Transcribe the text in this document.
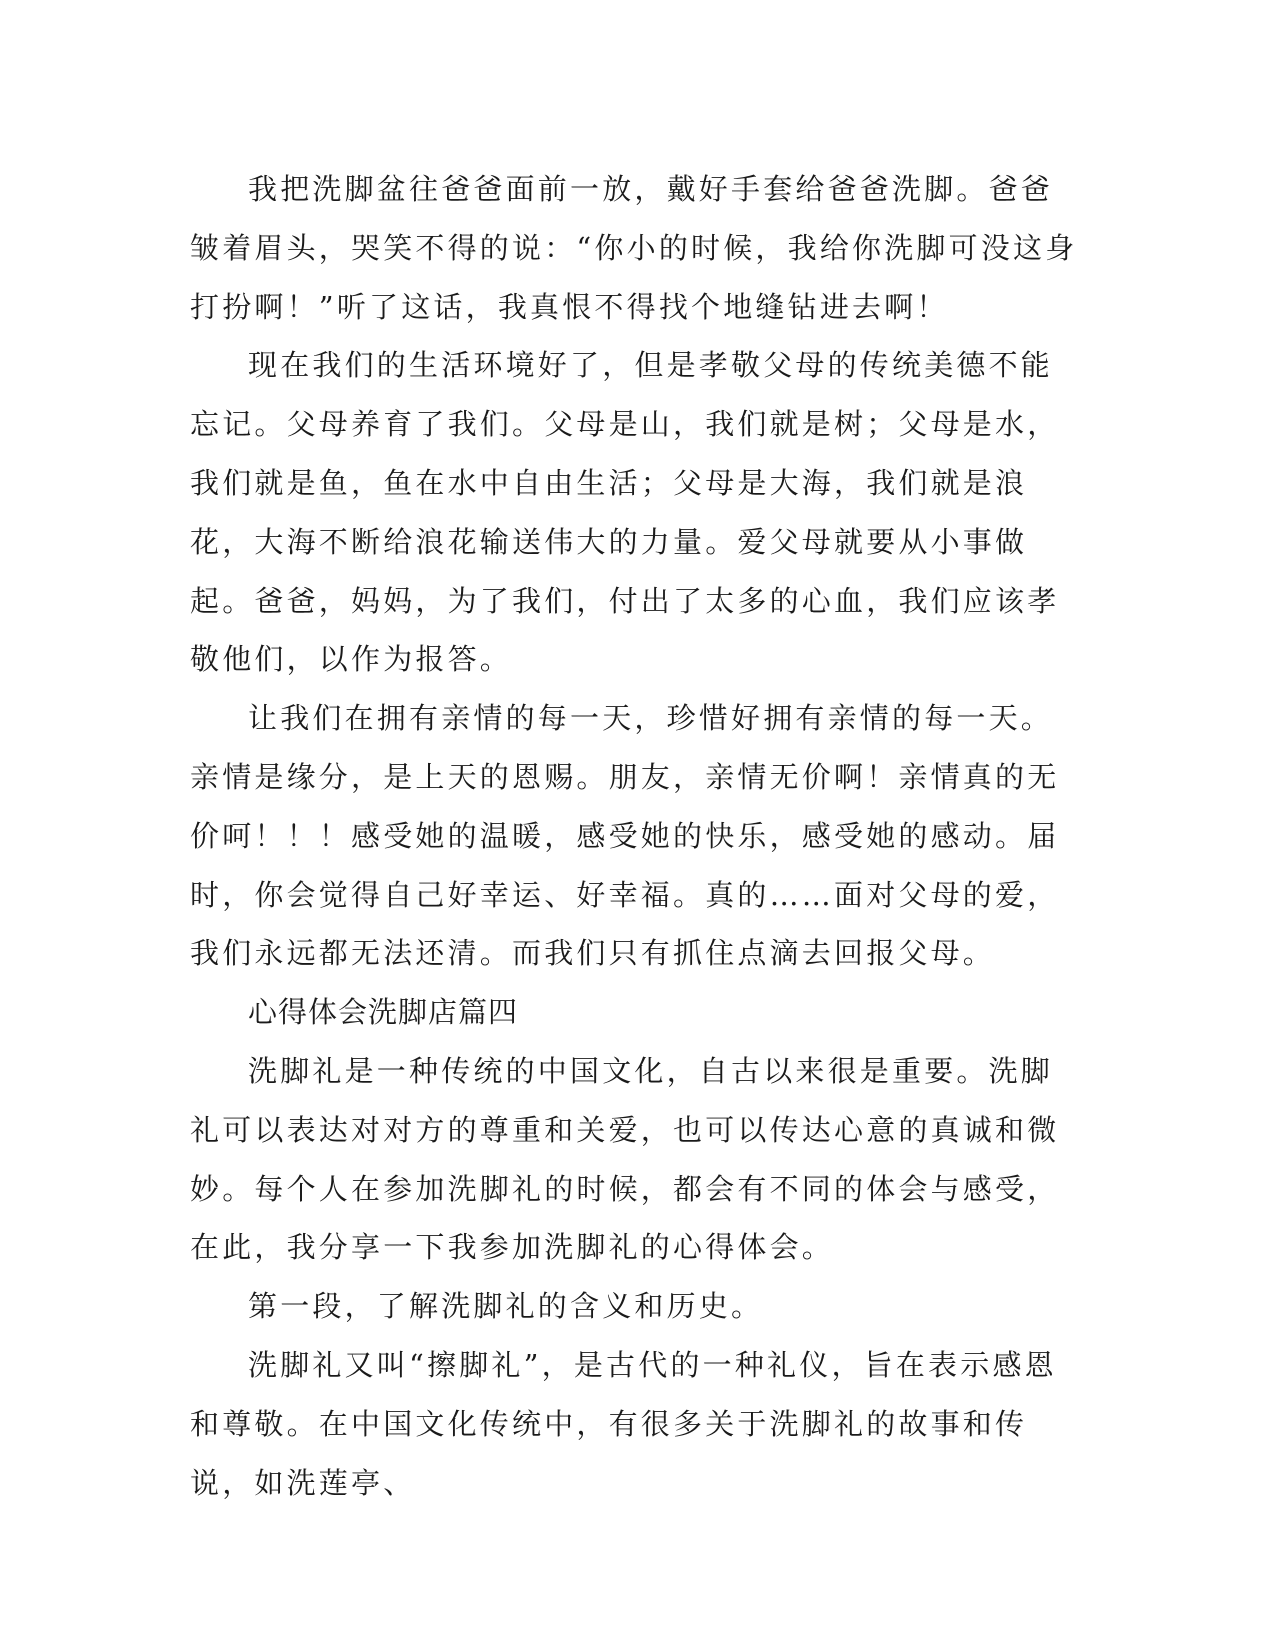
我把洗脚盆往爸爸面前一放，戴好手套给爸爸洗脚。爸爸皱着眉头，哭笑不得的说：“你小的时候，我给你洗脚可没这身打扮啊！”听了这话，我真恨不得找个地缝钻进去啊！

现在我们的生活环境好了，但是孝敬父母的传统美德不能忘记。父母养育了我们。父母是山，我们就是树；父母是水，我们就是鱼，鱼在水中自由生活；父母是大海，我们就是浪花，大海不断给浪花输送伟大的力量。爱父母就要从小事做起。爸爸，妈妈，为了我们，付出了太多的心血，我们应该孝敬他们，以作为报答。

让我们在拥有亲情的每一天，珍惜好拥有亲情的每一天。亲情是缘分，是上天的恩赐。朋友，亲情无价啊！亲情真的无价呵！！！感受她的温暖，感受她的快乐，感受她的感动。届时，你会觉得自己好幸运、好幸福。真的……面对父母的爱，我们永远都无法还清。而我们只有抓住点滴去回报父母。

心得体会洗脚店篇四

洗脚礼是一种传统的中国文化，自古以来很是重要。洗脚礼可以表达对对方的尊重和关爱，也可以传达心意的真诚和微妙。每个人在参加洗脚礼的时候，都会有不同的体会与感受，在此，我分享一下我参加洗脚礼的心得体会。

第一段，了解洗脚礼的含义和历史。

洗脚礼又叫“擦脚礼”，是古代的一种礼仪，旨在表示感恩和尊敬。在中国文化传统中，有很多关于洗脚礼的故事和传说，如洗莲亭、
